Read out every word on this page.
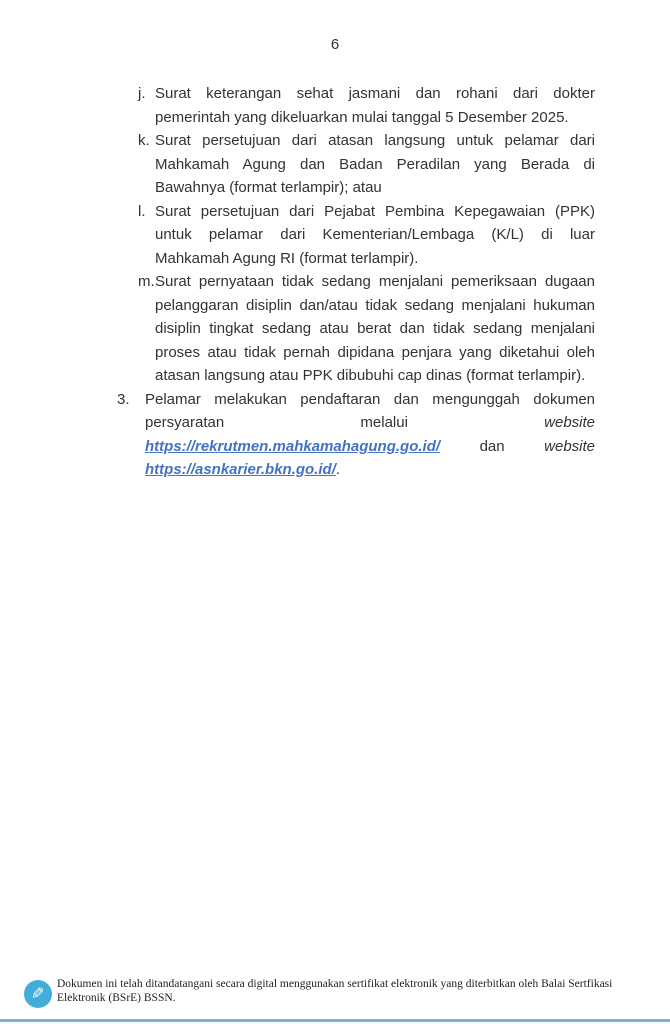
6
j. Surat keterangan sehat jasmani dan rohani dari dokter pemerintah yang dikeluarkan mulai tanggal 5 Desember 2025.
k. Surat persetujuan dari atasan langsung untuk pelamar dari Mahkamah Agung dan Badan Peradilan yang Berada di Bawahnya (format terlampir); atau
l. Surat persetujuan dari Pejabat Pembina Kepegawaian (PPK) untuk pelamar dari Kementerian/Lembaga (K/L) di luar Mahkamah Agung RI (format terlampir).
m. Surat pernyataan tidak sedang menjalani pemeriksaan dugaan pelanggaran disiplin dan/atau tidak sedang menjalani hukuman disiplin tingkat sedang atau berat dan tidak sedang menjalani proses atau tidak pernah dipidana penjara yang diketahui oleh atasan langsung atau PPK dibubuhi cap dinas (format terlampir).
3.	Pelamar melakukan pendaftaran dan mengunggah dokumen persyaratan melalui	website https://rekrutmen.mahkamahagung.go.id/	dan	website https://asnkarier.bkn.go.id/.
✎ Dokumen ini telah ditandatangani secara digital menggunakan sertifikat elektronik yang diterbitkan oleh Balai Sertfikasi Elektronik (BSrE) BSSN.
